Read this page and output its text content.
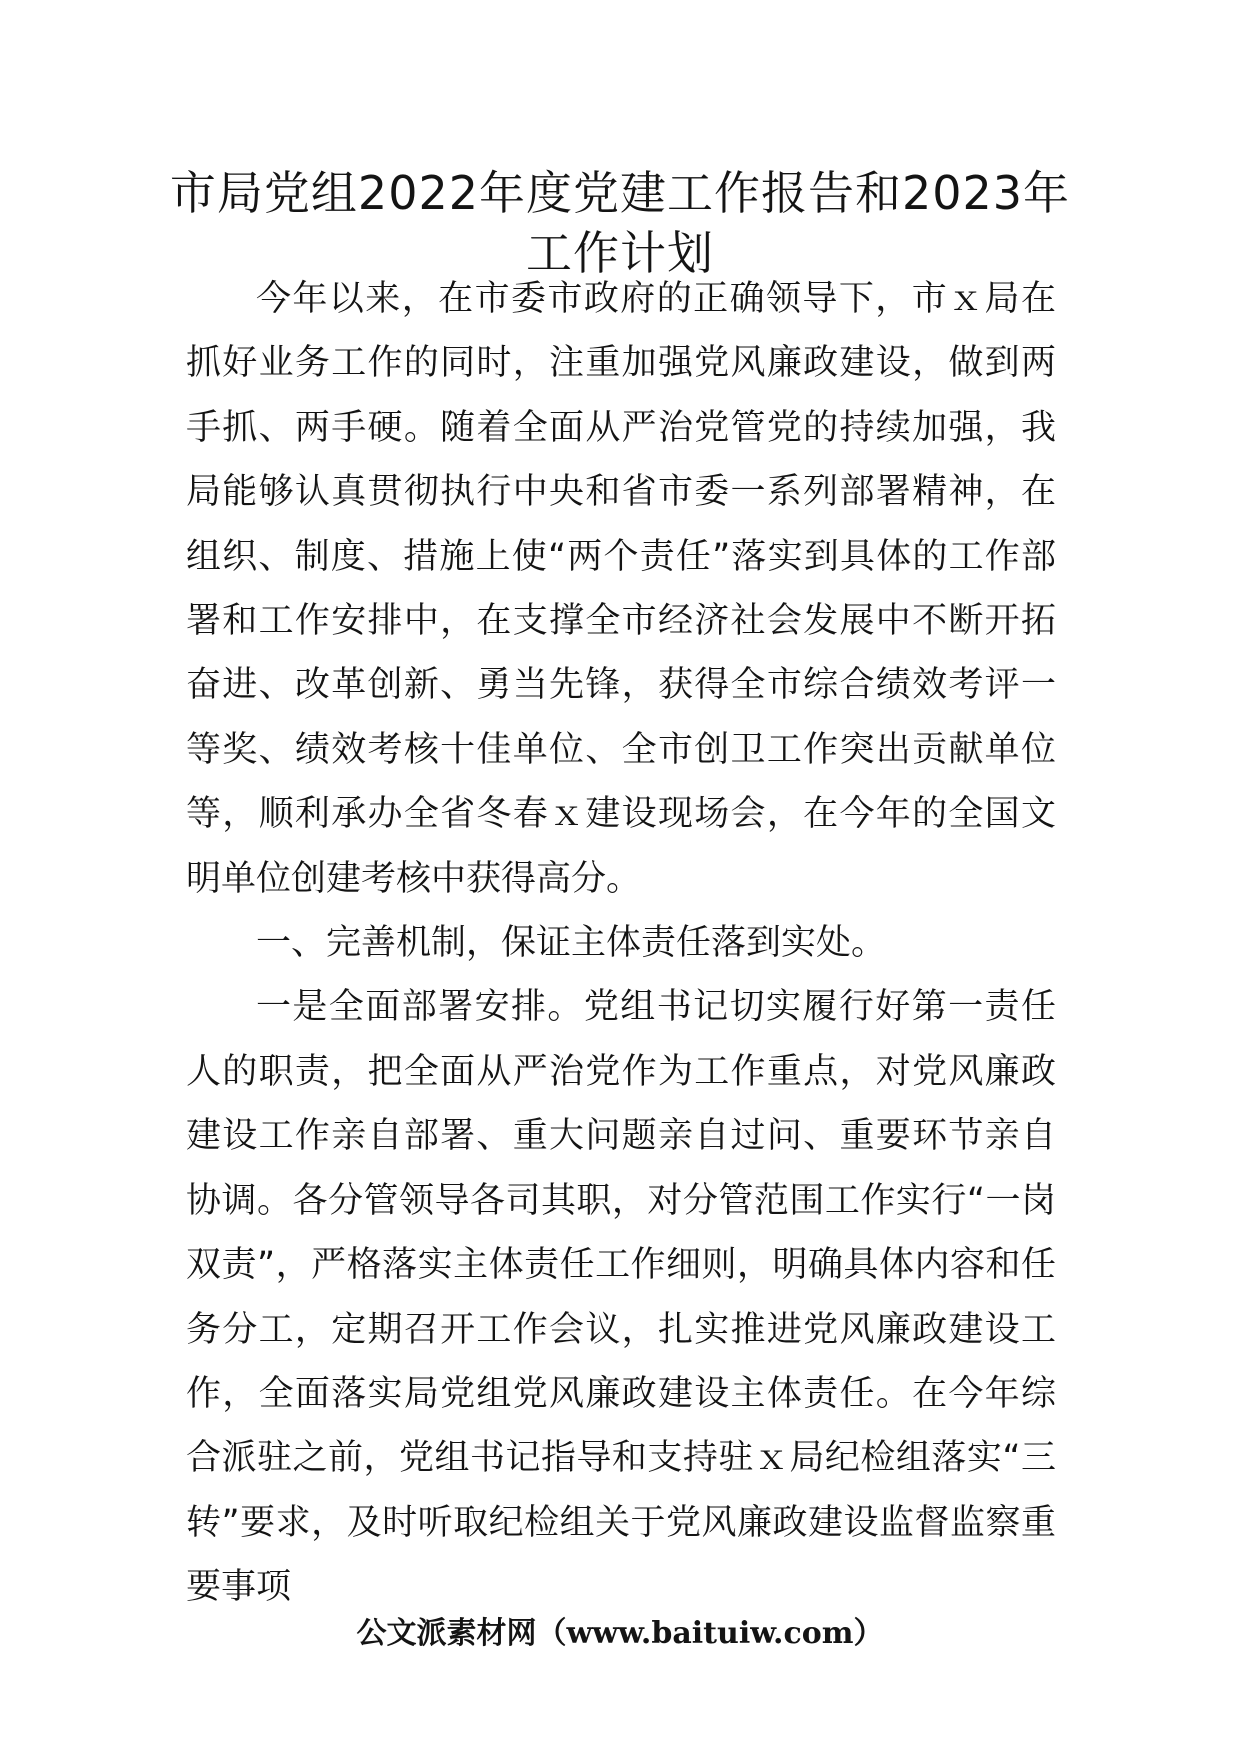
市局党组2022年度党建工作报告和2023年
工作计划

今年以来，在市委市政府的正确领导下，市ｘ局在抓好业务工作的同时，注重加强党风廉政建设，做到两手抓、两手硬。随着全面从严治党管党的持续加强，我局能够认真贯彻执行中央和省市委一系列部署精神，在组织、制度、措施上使“两个责任”落实到具体的工作部署和工作安排中，在支撑全市经济社会发展中不断开拓奋进、改革创新、勇当先锋，获得全市综合绩效考评一等奖、绩效考核十佳单位、全市创卫工作突出贡献单位等，顺利承办全省冬春ｘ建设现场会，在今年的全国文明单位创建考核中获得高分。

一、完善机制，保证主体责任落到实处。

一是全面部署安排。党组书记切实履行好第一责任人的职责，把全面从严治党作为工作重点，对党风廉政建设工作亲自部署、重大问题亲自过问、重要环节亲自协调。各分管领导各司其职，对分管范围工作实行“一岗双责”，严格落实主体责任工作细则，明确具体内容和任务分工，定期召开工作会议，扎实推进党风廉政建设工作，全面落实局党组党风廉政建设主体责任。在今年综合派驻之前，党组书记指导和支持驻ｘ局纪检组落实“三转”要求，及时听取纪检组关于党风廉政建设监督监察重要事项

公文派素材网（www.baituiw.com）
